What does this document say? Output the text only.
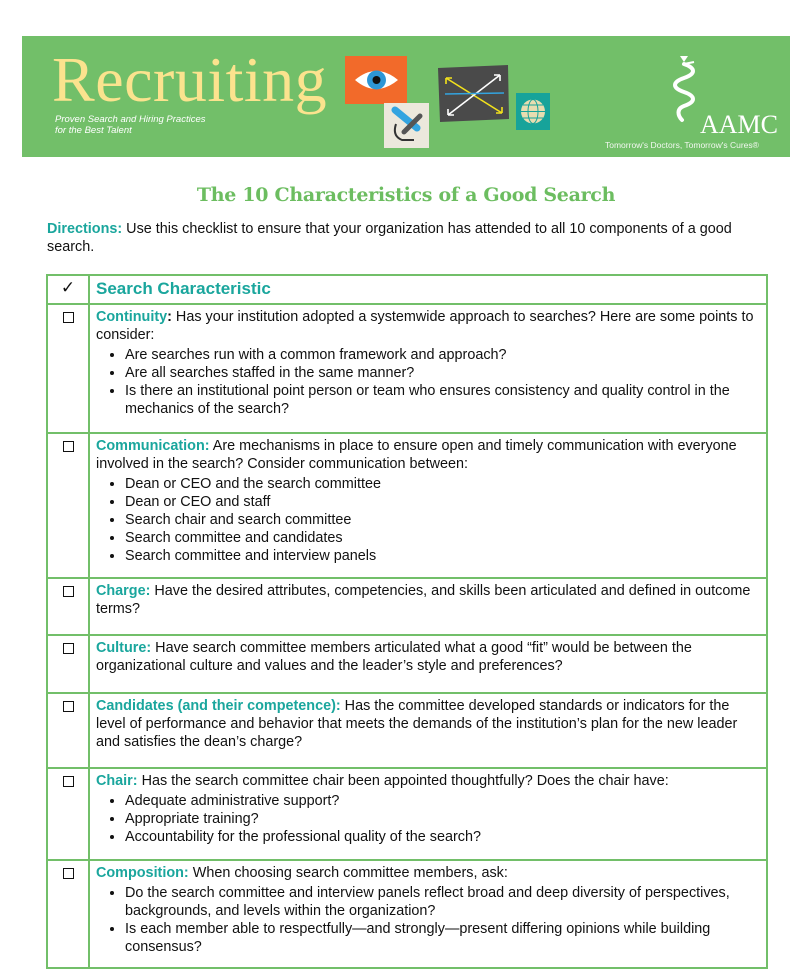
Recruiting
Proven Search and Hiring Practices
for the Best Talent	AAMC
Tomorrow's Doctors, Tomorrow's Cures®
The 10 Characteristics of a Good Search
Directions: Use this checklist to ensure that your organization has attended to all 10 components of a good search.
✓	Search Characteristic
Continuity: Has your institution adopted a systemwide approach to searches? Here are some points to consider:
• Are searches run with a common framework and approach?
• Are all searches staffed in the same manner?
• Is there an institutional point person or team who ensures consistency and quality control in the mechanics of the search?
Communication: Are mechanisms in place to ensure open and timely communication with everyone involved in the search? Consider communication between:
• Dean or CEO and the search committee
• Dean or CEO and staff
• Search chair and search committee
• Search committee and candidates
• Search committee and interview panels
Charge: Have the desired attributes, competencies, and skills been articulated and defined in outcome terms?
Culture: Have search committee members articulated what a good “fit” would be between the organizational culture and values and the leader’s style and preferences?
Candidates (and their competence): Has the committee developed standards or indicators for the level of performance and behavior that meets the demands of the institution’s plan for the new leader and satisfies the dean’s charge?
Chair: Has the search committee chair been appointed thoughtfully? Does the chair have:
• Adequate administrative support?
• Appropriate training?
• Accountability for the professional quality of the search?
Composition: When choosing search committee members, ask:
• Do the search committee and interview panels reflect broad and deep diversity of perspectives, backgrounds, and levels within the organization?
• Is each member able to respectfully—and strongly—present differing opinions while building consensus?
